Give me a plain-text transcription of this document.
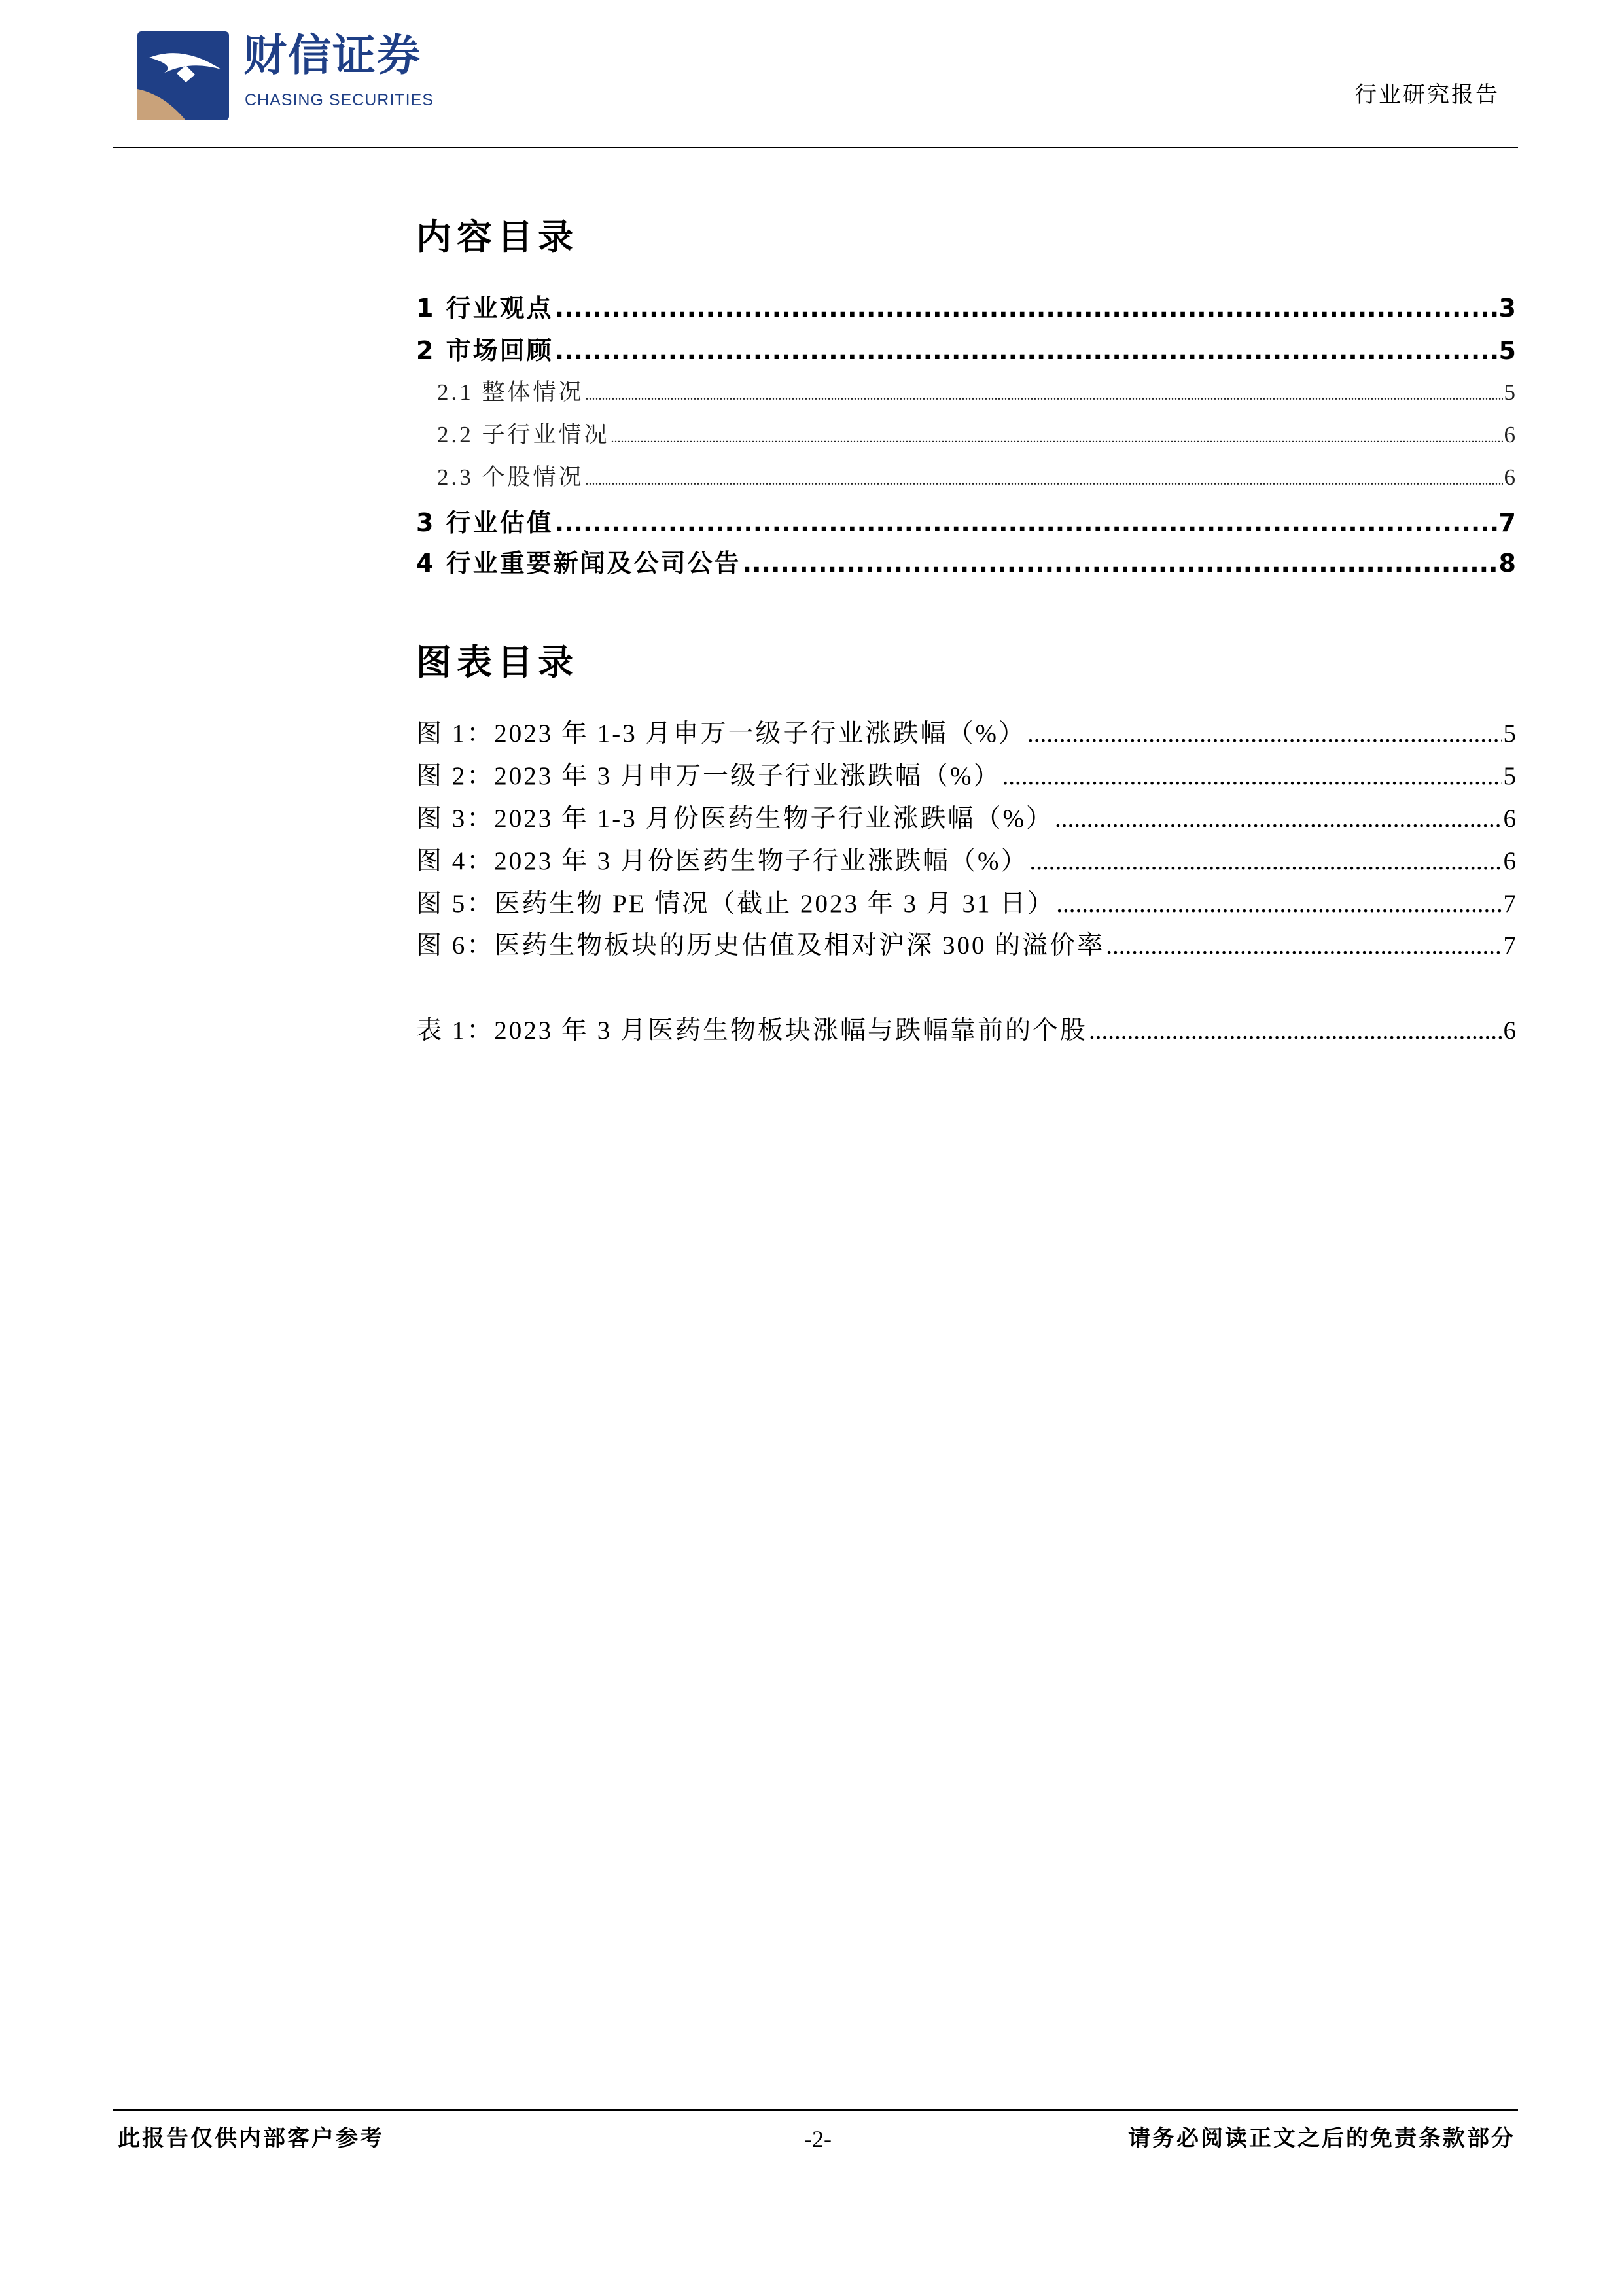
财信证券
CHASING SECURITIES	行业研究报告
内容目录
1 行业观点 .....	3
2 市场回顾 .....	5
2.1 整体情况 .....	5
2.2 子行业情况 .....	6
2.3 个股情况 .....	6
3 行业估值 .....	7
4 行业重要新闻及公司公告 .....	8
图表目录
图 1：2023 年 1-3 月申万一级子行业涨跌幅（%） .....	5
图 2：2023 年 3 月申万一级子行业涨跌幅（%） .....	5
图 3：2023 年 1-3 月份医药生物子行业涨跌幅（%） .....	6
图 4：2023 年 3 月份医药生物子行业涨跌幅（%） .....	6
图 5：医药生物 PE 情况（截止 2023 年 3 月 31 日） .....	7
图 6：医药生物板块的历史估值及相对沪深 300 的溢价率 .....	7
表 1：2023 年 3 月医药生物板块涨幅与跌幅靠前的个股 .....	6
此报告仅供内部客户参考	-2-	请务必阅读正文之后的免责条款部分
